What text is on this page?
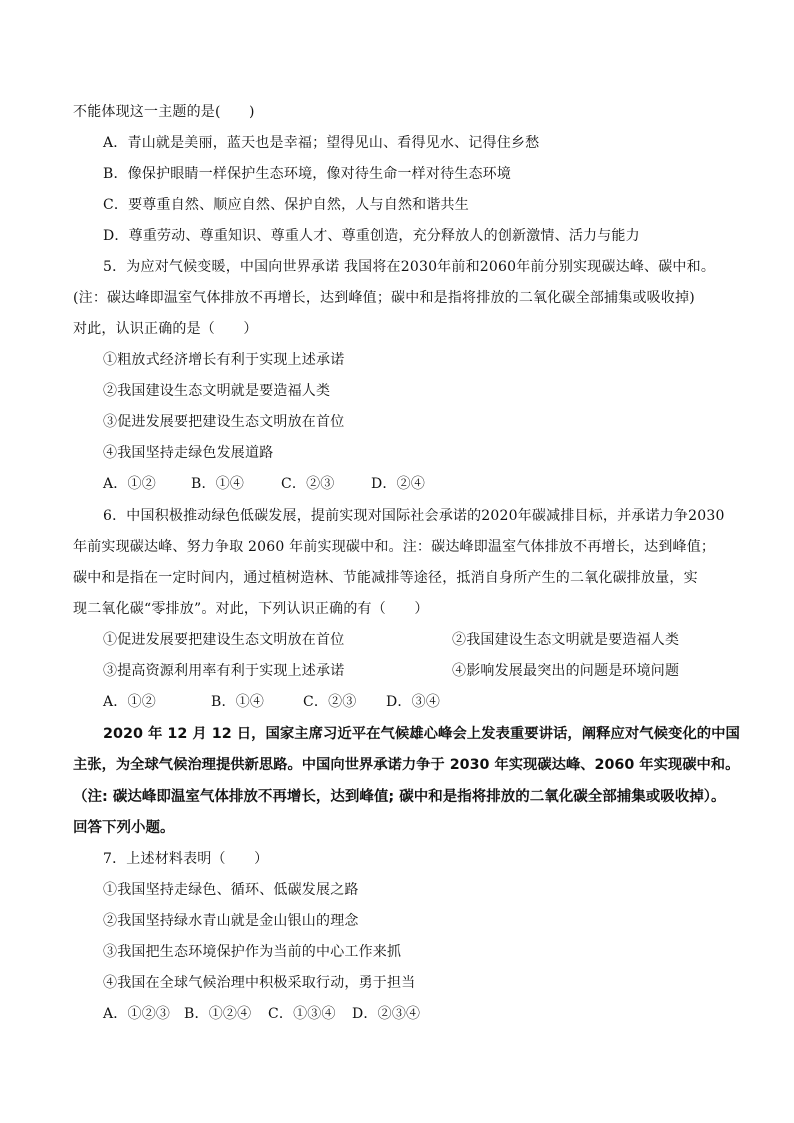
不能体现这一主题的是(　　)
A．青山就是美丽，蓝天也是幸福；望得见山、看得见水、记得住乡愁
B．像保护眼睛一样保护生态环境，像对待生命一样对待生态环境
C．要尊重自然、顺应自然、保护自然，人与自然和谐共生
D．尊重劳动、尊重知识、尊重人才、尊重创造，充分释放人的创新激情、活力与能力
5．为应对气候变暖，中国向世界承诺 我国将在2030年前和2060年前分别实现碳达峰、碳中和。
(注：碳达峰即温室气体排放不再增长，达到峰值；碳中和是指将排放的二氧化碳全部捕集或吸收掉)
对此，认识正确的是（　　）
①粗放式经济增长有利于实现上述承诺
②我国建设生态文明就是要造福人类
③促进发展要把建设生态文明放在首位
④我国坚持走绿色发展道路
A．①②	B．①④	C．②③	D．②④
6．中国积极推动绿色低碳发展，提前实现对国际社会承诺的2020年碳减排目标，并承诺力争2030
年前实现碳达峰、努力争取 2060 年前实现碳中和。注：碳达峰即温室气体排放不再增长，达到峰值；
碳中和是指在一定时间内，通过植树造林、节能减排等途径，抵消自身所产生的二氧化碳排放量，实
现二氧化碳“零排放”。对此，下列认识正确的有（　　）
①促进发展要把建设生态文明放在首位	②我国建设生态文明就是要造福人类
③提高资源利用率有利于实现上述承诺	④影响发展最突出的问题是环境问题
A．①②	B．①④	C．②③ D．③④
2020 年 12 月 12 日，国家主席习近平在气候雄心峰会上发表重要讲话，阐释应对气候变化的中国
主张，为全球气候治理提供新思路。中国向世界承诺力争于 2030 年实现碳达峰、2060 年实现碳中和。
（注: 碳达峰即温室气体排放不再增长，达到峰值; 碳中和是指将排放的二氧化碳全部捕集或吸收掉）。
回答下列小题。
7．上述材料表明（　　）
①我国坚持走绿色、循环、低碳发展之路
②我国坚持绿水青山就是金山银山的理念
③我国把生态环境保护作为当前的中心工作来抓
④我国在全球气候治理中积极采取行动，勇于担当
A．①②③ B．①②④ C．①③④ D．②③④
